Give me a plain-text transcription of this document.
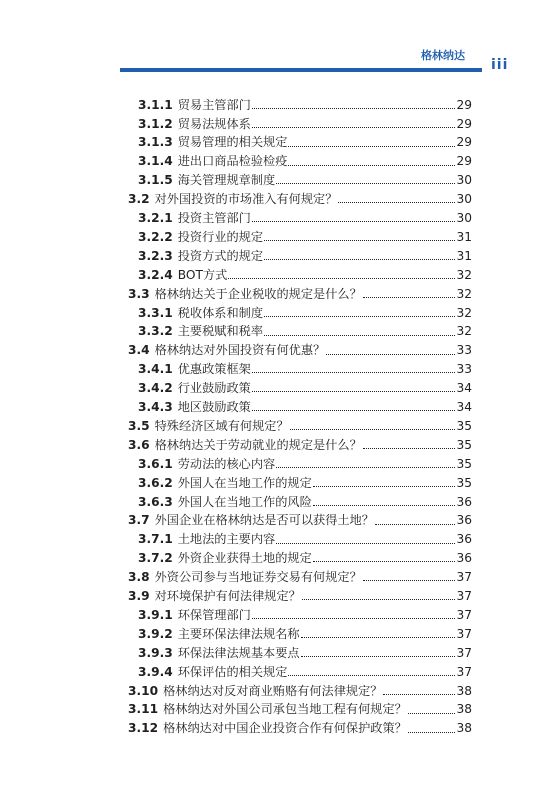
格林纳达
iii
3.1.1 贸易主管部门	29
3.1.2 贸易法规体系	29
3.1.3 贸易管理的相关规定	29
3.1.4 进出口商品检验检疫	29
3.1.5 海关管理规章制度	30
3.2 对外国投资的市场准入有何规定？	30
3.2.1 投资主管部门	30
3.2.2 投资行业的规定	31
3.2.3 投资方式的规定	31
3.2.4 BOT方式	32
3.3 格林纳达关于企业税收的规定是什么？	32
3.3.1 税收体系和制度	32
3.3.2 主要税赋和税率	32
3.4 格林纳达对外国投资有何优惠？	33
3.4.1 优惠政策框架	33
3.4.2 行业鼓励政策	34
3.4.3 地区鼓励政策	34
3.5 特殊经济区域有何规定？	35
3.6 格林纳达关于劳动就业的规定是什么？	35
3.6.1 劳动法的核心内容	35
3.6.2 外国人在当地工作的规定	35
3.6.3 外国人在当地工作的风险	36
3.7 外国企业在格林纳达是否可以获得土地？	36
3.7.1 土地法的主要内容	36
3.7.2 外资企业获得土地的规定	36
3.8 外资公司参与当地证券交易有何规定？	37
3.9 对环境保护有何法律规定？	37
3.9.1 环保管理部门	37
3.9.2 主要环保法律法规名称	37
3.9.3 环保法律法规基本要点	37
3.9.4 环保评估的相关规定	37
3.10 格林纳达对反对商业贿赂有何法律规定？	38
3.11 格林纳达对外国公司承包当地工程有何规定？	38
3.12 格林纳达对中国企业投资合作有何保护政策？	38
